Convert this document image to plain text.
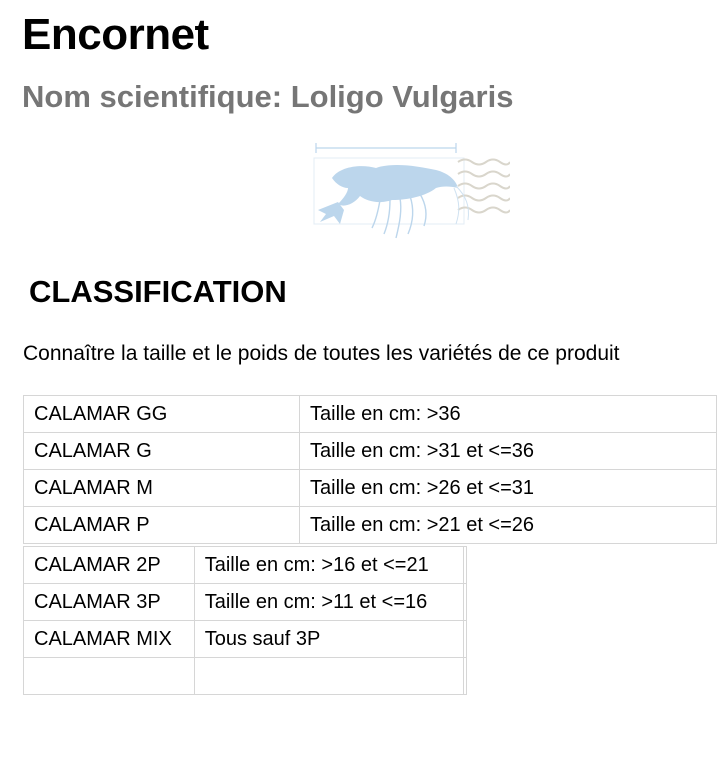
Encornet
Nom scientifique: Loligo Vulgaris
CLASSIFICATION

Connaître la taille et le poids de toutes les variétés de ce produit

CALAMAR GG	Taille en cm: >36
CALAMAR G	Taille en cm: >31 et <=36
CALAMAR M	Taille en cm: >26 et <=31
CALAMAR P	Taille en cm: >21 et <=26
CALAMAR 2P	Taille en cm: >16 et <=21	
CALAMAR 3P	Taille en cm: >11 et <=16	
CALAMAR MIX	Tous sauf 3P	
